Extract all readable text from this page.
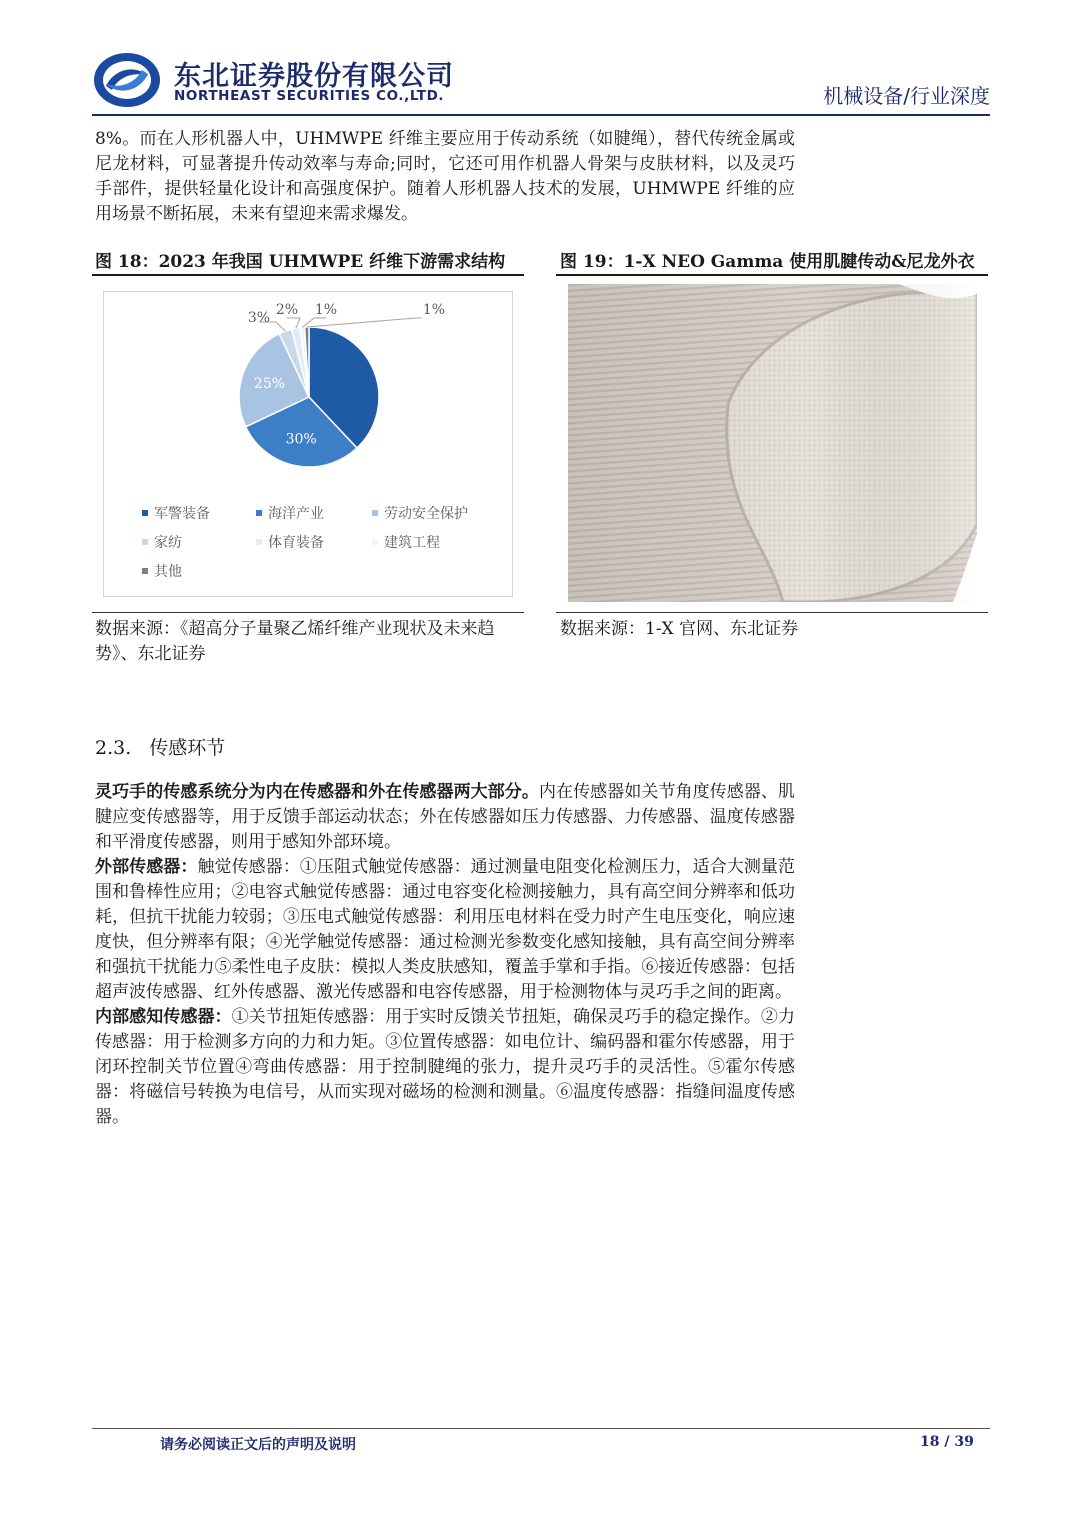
东北证券股份有限公司
NORTHEAST SECURITIES CO.,LTD.	机械设备/行业深度

8%。而在人形机器人中，UHMWPE 纤维主要应用于传动系统（如腱绳），替代传统金属或尼龙材料，可显著提升传动效率与寿命;同时，它还可用作机器人骨架与皮肤材料，以及灵巧手部件，提供轻量化设计和高强度保护。随着人形机器人技术的发展，UHMWPE 纤维的应用场景不断拓展，未来有望迎来需求爆发。

图 18：2023 年我国 UHMWPE 纤维下游需求结构	图 19：1-X NEO Gamma 使用肌腱传动&尼龙外衣
38%
30%
25%
3% 2% 1%	1%
军警装备	海洋产业	劳动安全保护
家纺	体育装备	建筑工程
其他
数据来源：《超高分子量聚乙烯纤维产业现状及未来趋势》、东北证券
数据来源：1-X 官网、东北证券
2.3. 传感环节

灵巧手的传感系统分为内在传感器和外在传感器两大部分。内在传感器如关节角度传感器、肌腱应变传感器等，用于反馈手部运动状态；外在传感器如压力传感器、力传感器、温度传感器和平滑度传感器，则用于感知外部环境。
外部传感器：触觉传感器：①压阻式触觉传感器：通过测量电阻变化检测压力，适合大测量范围和鲁棒性应用；②电容式触觉传感器：通过电容变化检测接触力，具有高空间分辨率和低功耗，但抗干扰能力较弱；③压电式触觉传感器：利用压电材料在受力时产生电压变化，响应速度快，但分辨率有限；④光学触觉传感器：通过检测光参数变化感知接触，具有高空间分辨率和强抗干扰能力⑤柔性电子皮肤：模拟人类皮肤感知，覆盖手掌和手指。⑥接近传感器：包括超声波传感器、红外传感器、激光传感器和电容传感器，用于检测物体与灵巧手之间的距离。
内部感知传感器：①关节扭矩传感器：用于实时反馈关节扭矩，确保灵巧手的稳定操作。②力传感器：用于检测多方向的力和力矩。③位置传感器：如电位计、编码器和霍尔传感器，用于闭环控制关节位置④弯曲传感器：用于控制腱绳的张力，提升灵巧手的灵活性。⑤霍尔传感器：将磁信号转换为电信号，从而实现对磁场的检测和测量。⑥温度传感器：指缝间温度传感器。

请务必阅读正文后的声明及说明	18 / 39
